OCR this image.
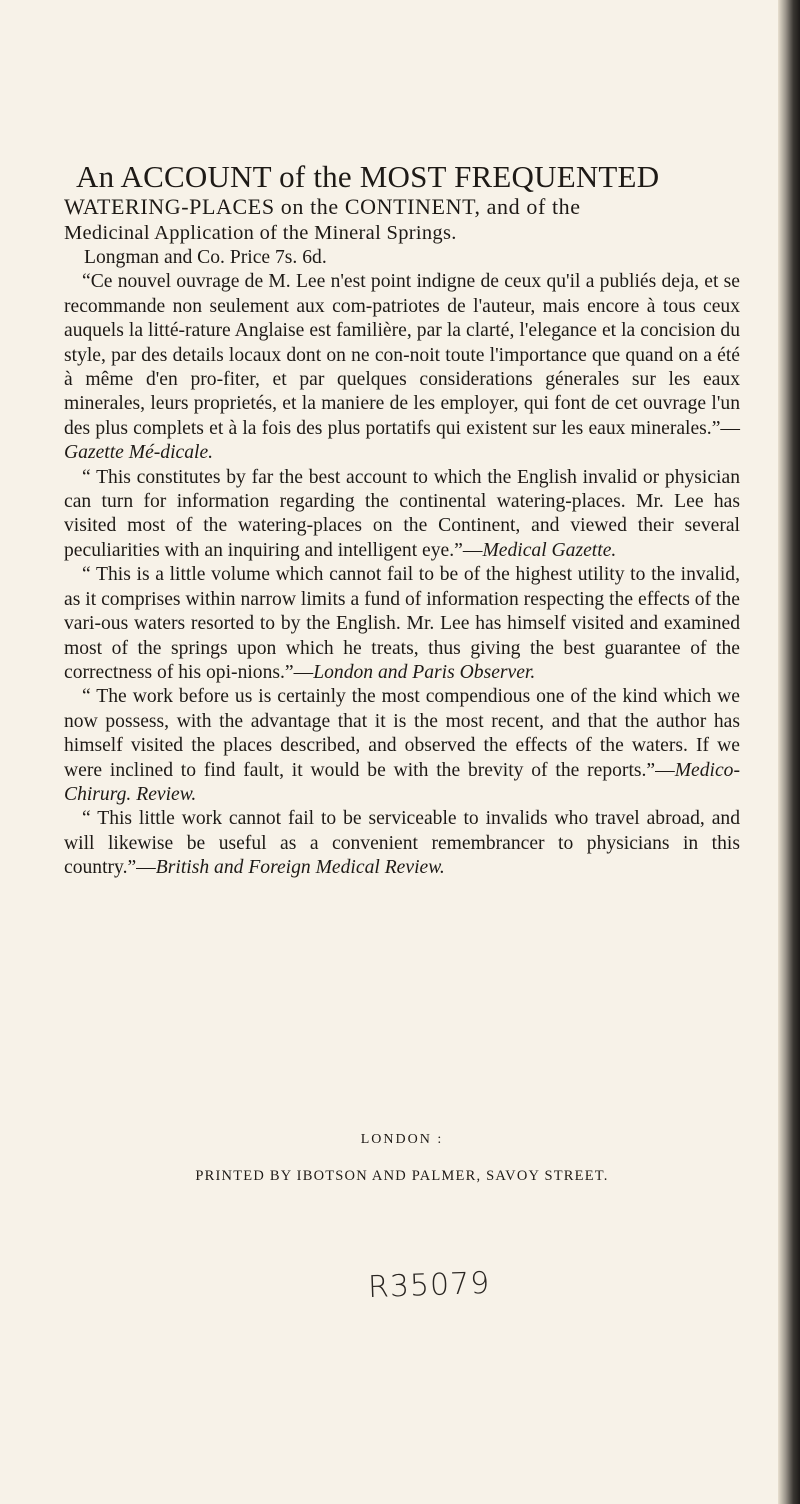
An ACCOUNT of the MOST FREQUENTED

WATERING-PLACES on the CONTINENT, and of the

Medicinal Application of the Mineral Springs.

Longman and Co. Price 7s. 6d.

“Ce nouvel ouvrage de M. Lee n'est point indigne de ceux qu'il a publiés deja, et se recommande non seulement aux com-patriotes de l'auteur, mais encore à tous ceux auquels la litté-rature Anglaise est familière, par la clarté, l'elegance et la concision du style, par des details locaux dont on ne con-noit toute l'importance que quand on a été à même d'en pro-fiter, et par quelques considerations génerales sur les eaux minerales, leurs proprietés, et la maniere de les employer, qui font de cet ouvrage l'un des plus complets et à la fois des plus portatifs qui existent sur les eaux minerales.”—Gazette Mé-dicale.

“ This constitutes by far the best account to which the English invalid or physician can turn for information regarding the continental watering-places. Mr. Lee has visited most of the watering-places on the Continent, and viewed their several peculiarities with an inquiring and intelligent eye.”—Medical Gazette.

“ This is a little volume which cannot fail to be of the highest utility to the invalid, as it comprises within narrow limits a fund of information respecting the effects of the vari-ous waters resorted to by the English. Mr. Lee has himself visited and examined most of the springs upon which he treats, thus giving the best guarantee of the correctness of his opi-nions.”—London and Paris Observer.

“ The work before us is certainly the most compendious one of the kind which we now possess, with the advantage that it is the most recent, and that the author has himself visited the places described, and observed the effects of the waters. If we were inclined to find fault, it would be with the brevity of the reports.”—Medico-Chirurg. Review.

“ This little work cannot fail to be serviceable to invalids who travel abroad, and will likewise be useful as a convenient remembrancer to physicians in this country.”—British and Foreign Medical Review.

LONDON :
PRINTED BY IBOTSON AND PALMER, SAVOY STREET.
R35079
